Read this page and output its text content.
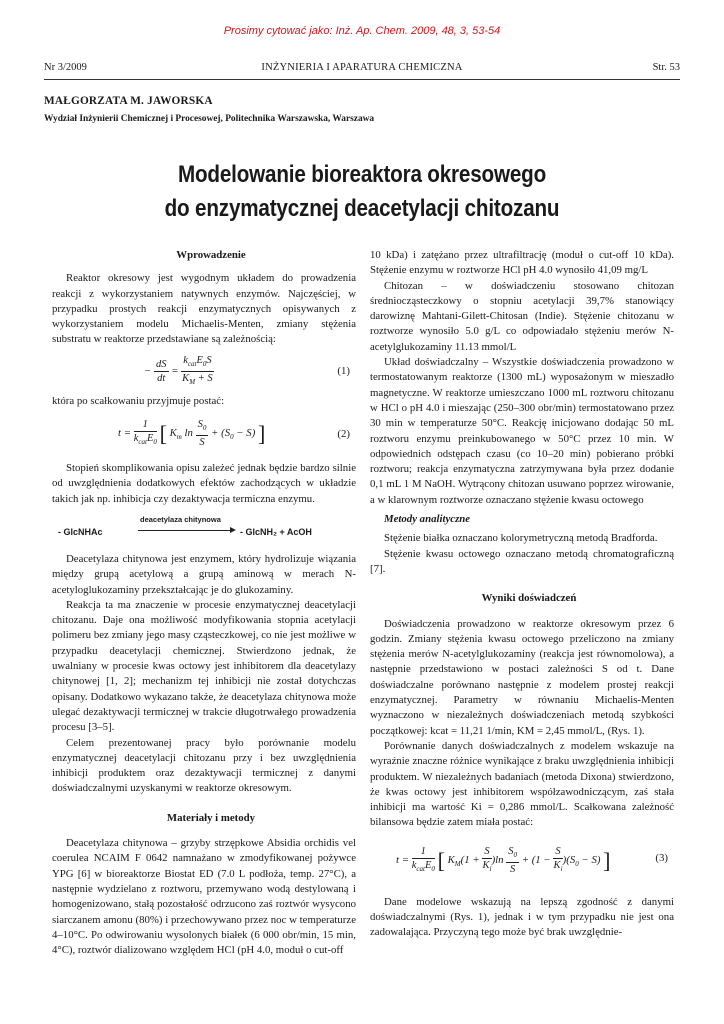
Prosimy cytować jako: Inż. Ap. Chem. 2009, 48, 3, 53-54
Nr 3/2009	INŻYNIERIA I APARATURA CHEMICZNA	Str. 53
MAŁGORZATA M. JAWORSKA
Wydział Inżynierii Chemicznej i Procesowej, Politechnika Warszawska, Warszawa
Modelowanie bioreaktora okresowego
do enzymatycznej deacetylacji chitozanu

Wprowadzenie

Reaktor okresowy jest wygodnym układem do prowadzenia reakcji z wykorzystaniem natywnych enzymów. Najczęściej, w przypadku prostych reakcji enzymatycznych opisywanych z wykorzystaniem modelu Michaelis-Menten, zmiany stężenia substratu w reaktorze przedstawiane są zależnością:

− $\frac{dS}{dt} = \frac{k_{cat}E_0S}{K_M + S}$	(1)

która po scałkowaniu przyjmuje postać:

$t = \frac{1}{k_{cat}E_0}$ [ $K_m$ $\ln \frac{S_0}{S} + (S_0 - S)$ ]	(2)

Stopień skomplikowania opisu zależeć jednak będzie bardzo silnie od uwzględnienia dodatkowych efektów zachodzących w układzie takich jak np. inhibicja czy dezaktywacja termiczna enzymu.

deacetylaza chitynowa
- GlcNHAc	- GlcNH₂ + AcOH

Deacetylaza chitynowa jest enzymem, który hydrolizuje wiązania między grupą acetylową a grupą aminową w merach N-acetyloglukozaminy przekształcając je do glukozaminy.

Reakcja ta ma znaczenie w procesie enzymatycznej deacetylacji chitozanu. Daje ona możliwość modyfikowania stopnia acetylacji polimeru bez zmiany jego masy cząsteczkowej, co nie jest możliwe w przypadku deacetylacji chemicznej. Stwierdzono jednak, że uwalniany w procesie kwas octowy jest inhibitorem dla deacetylazy chitynowej [1, 2]; mechanizm tej inhibicji nie został dotychczas opisany. Dodatkowo wykazano także, że deacetylaza chitynowa może ulegać dezaktywacji termicznej w trakcie długotrwałego prowadzenia procesu [3–5].

Celem prezentowanej pracy było porównanie modelu enzymatycznej deacetylacji chitozanu przy i bez uwzględnienia inhibicji produktem oraz dezaktywacji termicznej z danymi doświadczalnymi uzyskanymi w reaktorze okresowym.

Materiały i metody

Deacetylaza chitynowa – grzyby strzępkowe Absidia orchidis vel coerulea NCAIM F 0642 namnażano w zmodyfikowanej pożywce YPG [6] w bioreaktorze Biostat ED (7.0 L podłoża, temp. 27°C), a następnie wydzielano z roztworu, przemywano wodą destylowaną i homogenizowano, stałą pozostałość odrzucono zaś roztwór wysycono siarczanem amonu (80%) i przechowywano przez noc w temperaturze 4–10°C. Po odwirowaniu wysolonych białek (6 000 obr/min, 15 min, 4°C), roztwór dializowano względem HCl (pH 4.0, moduł o cut-off

10 kDa) i zatężano przez ultrafiltrację (moduł o cut-off 10 kDa). Stężenie enzymu w roztworze HCl pH 4.0 wynosiło 41,09 mg/L

Chitozan – w doświadczeniu stosowano chitozan średniocząsteczkowy o stopniu acetylacji 39,7% stanowiący darowiznę Mahtani-Gilett-Chitosan (Indie). Stężenie chitozanu w roztworze wynosiło 5.0 g/L co odpowiadało stężeniu merów N-acetylglukozaminy 11.13 mmol/L

Układ doświadczalny – Wszystkie doświadczenia prowadzono w termostatowanym reaktorze (1300 mL) wyposażonym w mieszadło magnetyczne. W reaktorze umieszczano 1000 mL roztworu chitozanu w HCl o pH 4.0 i mieszając (250–300 obr/min) termostatowano przez 30 min w temperaturze 50°C. Reakcję inicjowano dodając 50 mL roztworu enzymu preinkubowanego w 50°C przez 10 min. W odpowiednich odstępach czasu (co 10–20 min) pobierano próbki roztworu; reakcja enzymatyczna zatrzymywana była przez dodanie 0,1 mL 1 M NaOH. Wytrącony chitozan usuwano poprzez wirowanie, a w klarownym roztworze oznaczano stężenie kwasu octowego

Metody analityczne

Stężenie białka oznaczano kolorymetryczną metodą Bradforda.

Stężenie kwasu octowego oznaczano metodą chromatograficzną [7].

Wyniki doświadczeń

Doświadczenia prowadzono w reaktorze okresowym przez 6 godzin. Zmiany stężenia kwasu octowego przeliczono na zmiany stężenia merów N-acetylglukozaminy (reakcja jest równomolowa), a następnie przedstawiono w postaci zależności S od t. Dane doświadczalne porównano następnie z modelem prostej reakcji enzymatycznej. Parametry w równaniu Michaelis-Menten wyznaczono w niezależnych doświadczeniach metodą szybkości początkowej: kcat = 11,21 1/min, KM = 2,45 mmol/L, (Rys. 1).

Porównanie danych doświadczalnych z modelem wskazuje na wyraźnie znaczne różnice wynikające z braku uwzględnienia inhibicji produktem. W niezależnych badaniach (metoda Dixona) stwierdzono, że kwas octowy jest inhibitorem współzawodniczącym, zaś stała inhibicji ma wartość Ki = 0,286 mmol/L. Scałkowana zależność bilansowa będzie zatem miała postać:

$t = \frac{1}{k_{cat}E_0}$ [ $K_M(1 + \frac{S}{K_i} )\ln \frac{S_0}{S} + (1 - \frac{S}{K_i} )(S_0 - S)$ ]	(3)

Dane modelowe wskazują na lepszą zgodność z danymi doświadczalnymi (Rys. 1), jednak i w tym przypadku nie jest ona zadowalająca. Przyczyną tego może być brak uwzględnie-
